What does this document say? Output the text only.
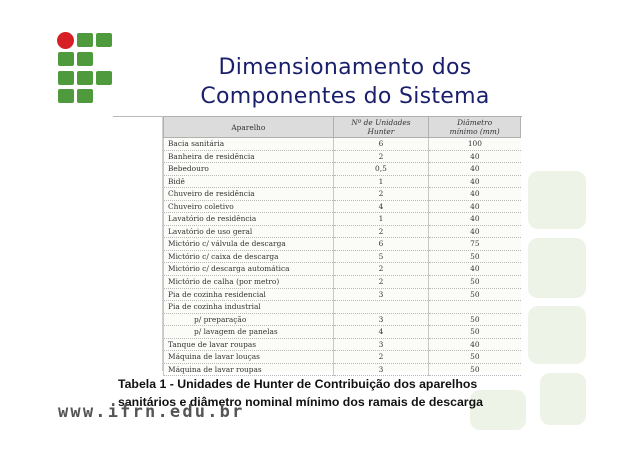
Dimensionamento dos
Componentes do Sistema
Aparelho	Nº de Unidades Hunter	Diâmetro mínimo (mm)
Bacia sanitária	6	100
Banheira de residência	2	40
Bebedouro	0,5	40
Bidê	1	40
Chuveiro de residência	2	40
Chuveiro coletivo	4	40
Lavatório de residência	1	40
Lavatório de uso geral	2	40
Mictório c/ válvula de descarga	6	75
Mictório c/ caixa de descarga	5	50
Mictório c/ descarga automática	2	40
Mictório de calha (por metro)	2	50
Pia de cozinha residencial	3	50
Pia de cozinha industrial		
p/ preparação	3	50
p/ lavagem de panelas	4	50
Tanque de lavar roupas	3	40
Máquina de lavar louças	2	50
Máquina de lavar roupas	3	50
Tabela 1 - Unidades de Hunter de Contribuição dos aparelhos
sanitários e diâmetro nominal mínimo dos ramais de descarga
www.ifrn.edu.br
